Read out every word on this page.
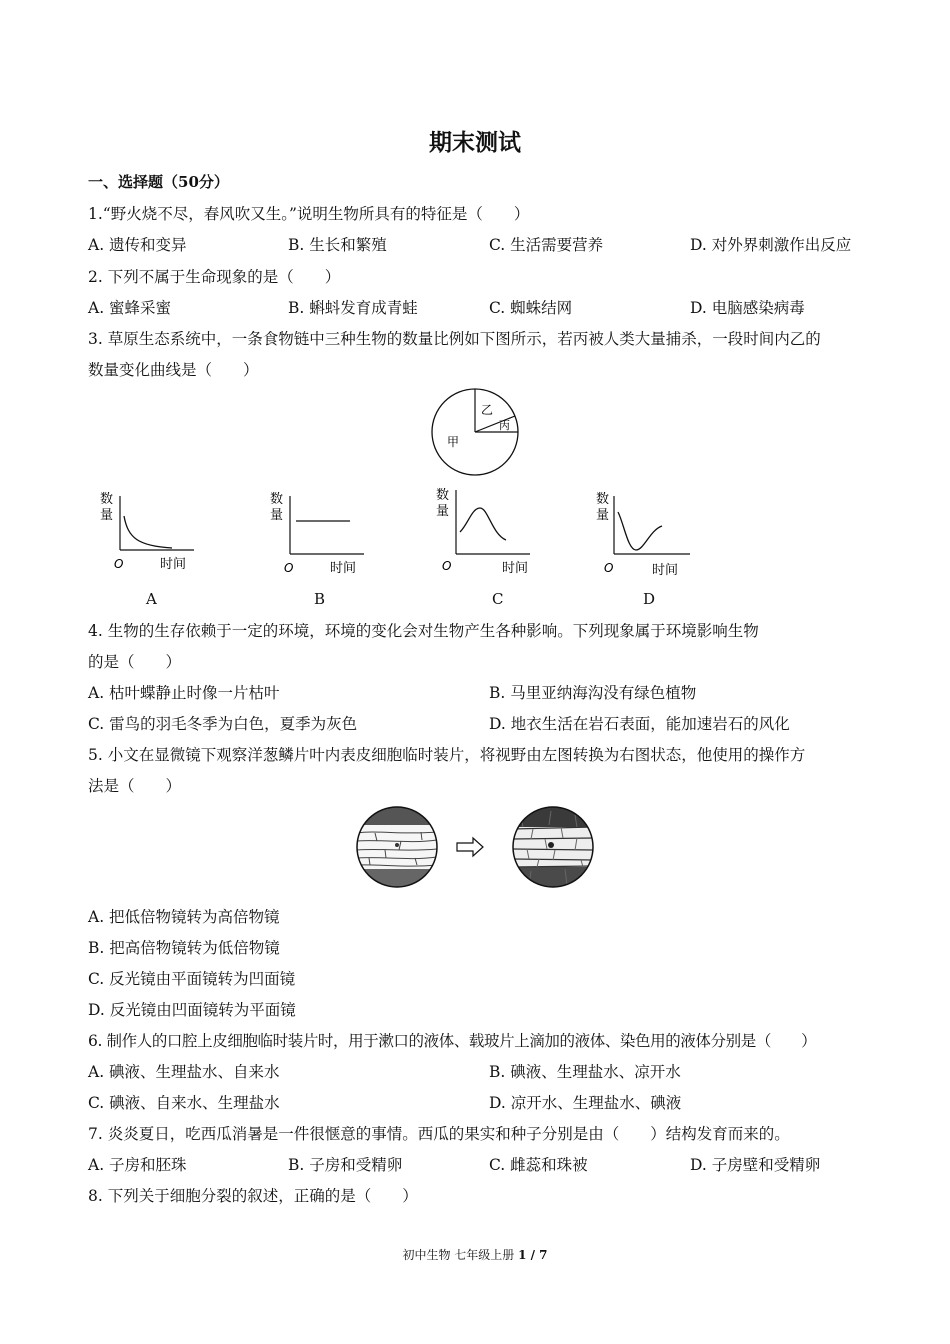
期末测试
一、选择题（50分）
1.“野火烧不尽，春风吹又生。”说明生物所具有的特征是（　　）
A. 遗传和变异	B. 生长和繁殖	C. 生活需要营养	D. 对外界刺激作出反应
2. 下列不属于生命现象的是（　　）
A. 蜜蜂采蜜	B. 蝌蚪发育成青蛙	C. 蜘蛛结网	D. 电脑感染病毒
3. 草原生态系统中，一条食物链中三种生物的数量比例如下图所示，若丙被人类大量捕杀，一段时间内乙的
数量变化曲线是（　　）
乙
丙
甲
数
量
O	时间
数
量
O	时间
数
量
O	时间
数
量
O	时间
A	B	C	D
4. 生物的生存依赖于一定的环境，环境的变化会对生物产生各种影响。下列现象属于环境影响生物
的是（　　）
A. 枯叶蝶静止时像一片枯叶	B. 马里亚纳海沟没有绿色植物
C. 雷鸟的羽毛冬季为白色，夏季为灰色	D. 地衣生活在岩石表面，能加速岩石的风化
5. 小文在显微镜下观察洋葱鳞片叶内表皮细胞临时装片，将视野由左图转换为右图状态，他使用的操作方
法是（　　）
A. 把低倍物镜转为高倍物镜
B. 把高倍物镜转为低倍物镜
C. 反光镜由平面镜转为凹面镜
D. 反光镜由凹面镜转为平面镜
6. 制作人的口腔上皮细胞临时装片时，用于漱口的液体、载玻片上滴加的液体、染色用的液体分别是（　　）
A. 碘液、生理盐水、自来水	B. 碘液、生理盐水、凉开水
C. 碘液、自来水、生理盐水	D. 凉开水、生理盐水、碘液
7. 炎炎夏日，吃西瓜消暑是一件很惬意的事情。西瓜的果实和种子分别是由（　　）结构发育而来的。
A. 子房和胚珠	B. 子房和受精卵	C. 雌蕊和珠被	D. 子房壁和受精卵
8. 下列关于细胞分裂的叙述，正确的是（　　）
初中生物 七年级上册 1 / 7
